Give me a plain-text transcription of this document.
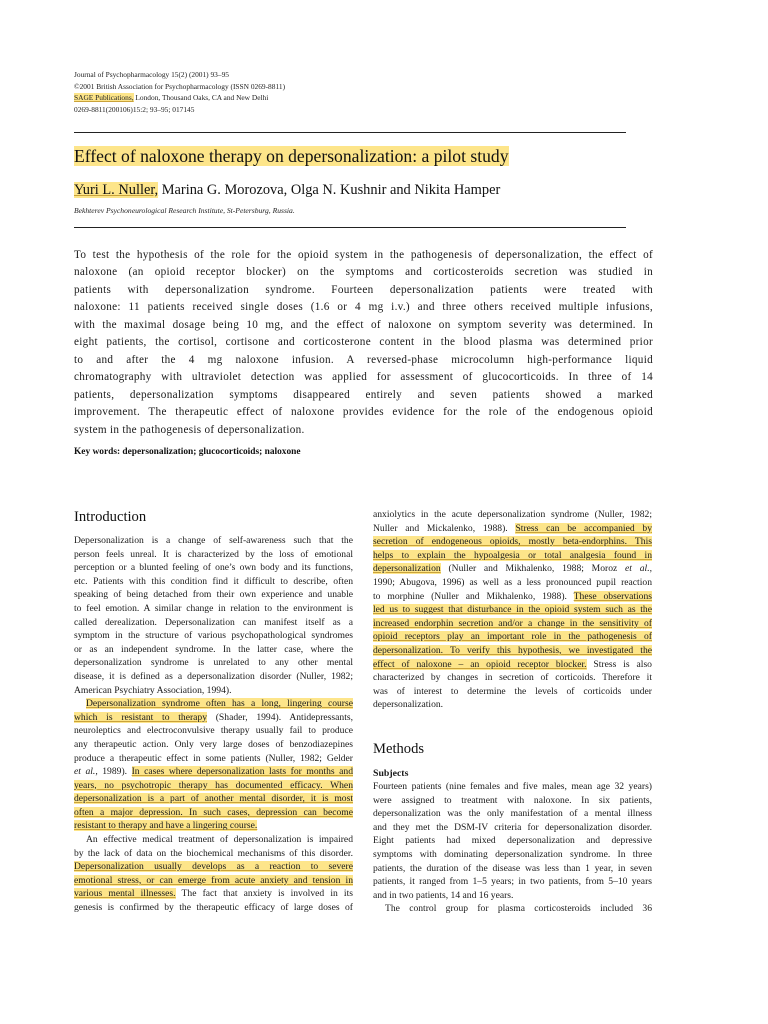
Journal of Psychopharmacology 15(2) (2001) 93–95
©2001 British Association for Psychopharmacology (ISSN 0269-8811)
SAGE Publications, London, Thousand Oaks, CA and New Delhi
0269-8811(200106)15:2; 93–95; 017145
Effect of naloxone therapy on depersonalization: a pilot study
Yuri L. Nuller, Marina G. Morozova, Olga N. Kushnir and Nikita Hamper
Bekhterev Psychoneurological Research Institute, St-Petersburg, Russia.
To test the hypothesis of the role for the opioid system in the pathogenesis of depersonalization, the effect of
naloxone (an opioid receptor blocker) on the symptoms and corticosteroids secretion was studied in
patients with depersonalization syndrome. Fourteen depersonalization patients were treated with
naloxone: 11 patients received single doses (1.6 or 4 mg i.v.) and three others received multiple infusions,
with the maximal dosage being 10 mg, and the effect of naloxone on symptom severity was determined. In
eight patients, the cortisol, cortisone and corticosterone content in the blood plasma was determined prior
to and after the 4 mg naloxone infusion. A reversed-phase microcolumn high-performance liquid
chromatography with ultraviolet detection was applied for assessment of glucocorticoids. In three of 14
patients, depersonalization symptoms disappeared entirely and seven patients showed a marked
improvement. The therapeutic effect of naloxone provides evidence for the role of the endogenous opioid
system in the pathogenesis of depersonalization.
Key words: depersonalization; glucocorticoids; naloxone
Introduction
Depersonalization is a change of self-awareness such that the
person feels unreal. It is characterized by the loss of emotional
perception or a blunted feeling of one’s own body and its functions,
etc. Patients with this condition find it difficult to describe, often
speaking of being detached from their own experience and unable
to feel emotion. A similar change in relation to the environment is
called derealization. Depersonalization can manifest itself as a
symptom in the structure of various psychopathological syndromes
or as an independent syndrome. In the latter case, where the
depersonalization syndrome is unrelated to any other mental
disease, it is defined as a depersonalization disorder (Nuller, 1982;
American Psychiatry Association, 1994).
Depersonalization syndrome often has a long, lingering course
which is resistant to therapy (Shader, 1994). Antidepressants,
neuroleptics and electroconvulsive therapy usually fail to produce
any therapeutic action. Only very large doses of benzodiazepines
produce a therapeutic effect in some patients (Nuller, 1982; Gelder
et al., 1989). In cases where depersonalization lasts for months and
years, no psychotropic therapy has documented efficacy. When
depersonalization is a part of another mental disorder, it is most
often a major depression. In such cases, depression can become
resistant to therapy and have a lingering course.
An effective medical treatment of depersonalization is impaired
by the lack of data on the biochemical mechanisms of this disorder.
Depersonalization usually develops as a reaction to severe
emotional stress, or can emerge from acute anxiety and tension in
various mental illnesses. The fact that anxiety is involved in its
genesis is confirmed by the therapeutic efficacy of large doses of
anxiolytics in the acute depersonalization syndrome (Nuller, 1982;
Nuller and Mickalenko, 1988). Stress can be accompanied by
secretion of endogeneous opioids, mostly beta-endorphins. This
helps to explain the hypoalgesia or total analgesia found in
depersonalization (Nuller and Mikhalenko, 1988; Moroz et al.,
1990; Abugova, 1996) as well as a less pronounced pupil reaction
to morphine (Nuller and Mikhalenko, 1988). These observations
led us to suggest that disturbance in the opioid system such as the
increased endorphin secretion and/or a change in the sensitivity of
opioid receptors play an important role in the pathogenesis of
depersonalization. To verify this hypothesis, we investigated the
effect of naloxone – an opioid receptor blocker. Stress is also
characterized by changes in secretion of corticoids. Therefore it
was of interest to determine the levels of corticoids under
depersonalization.
Methods
Subjects
Fourteen patients (nine females and five males, mean age 32 years)
were assigned to treatment with naloxone. In six patients,
depersonalization was the only manifestation of a mental illness
and they met the DSM-IV criteria for depersonalization disorder.
Eight patients had mixed depersonalization and depressive
symptoms with dominating depersonalization syndrome. In three
patients, the duration of the disease was less than 1 year, in seven
patients, it ranged from 1–5 years; in two patients, from 5–10 years
and in two patients, 14 and 16 years.
The control group for plasma corticosteroids included 36
